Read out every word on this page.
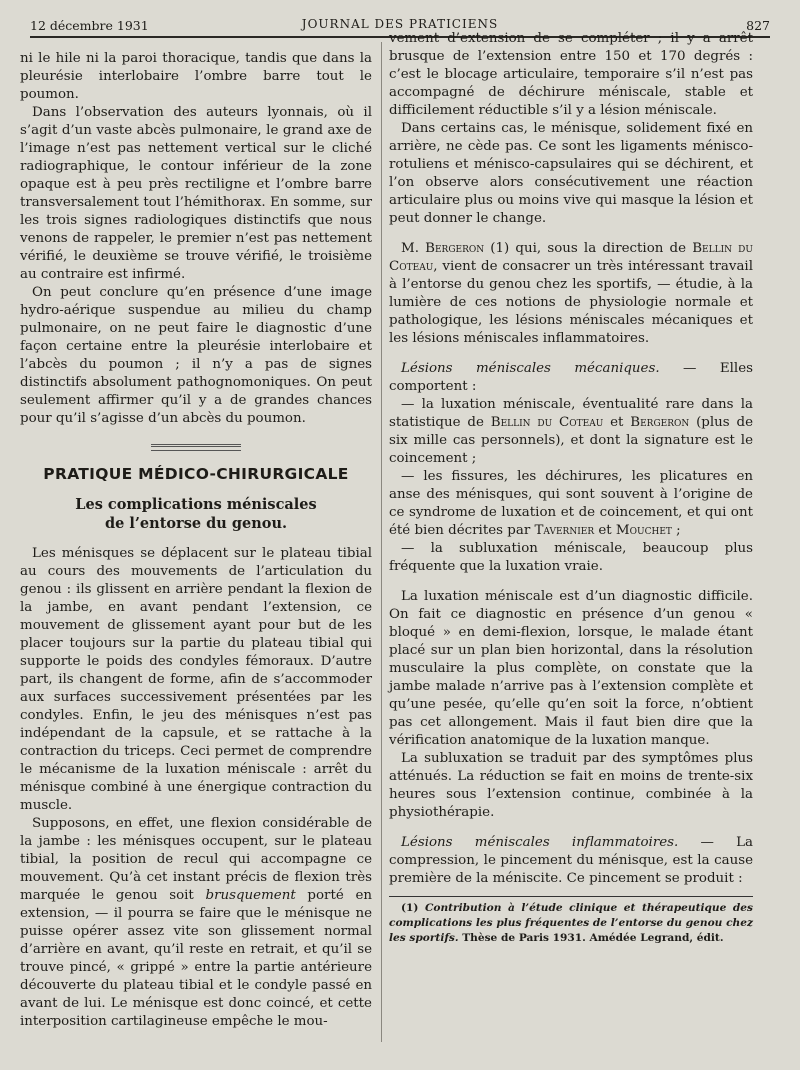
12 décembre 1931	JOURNAL DES PRATICIENS	827

ni le hile ni la paroi thoracique, tandis que dans la pleurésie interlobaire l’ombre barre tout le poumon.

Dans l’observation des auteurs lyonnais, où il s’agit d’un vaste abcès pulmonaire, le grand axe de l’image n’est pas nettement vertical sur le cliché radiographique, le contour inférieur de la zone opaque est à peu près rectiligne et l’ombre barre transversalement tout l’hémithorax. En somme, sur les trois signes radiologiques distinctifs que nous venons de rappeler, le premier n’est pas nettement vérifié, le deuxième se trouve vérifié, le troisième au contraire est infirmé.

On peut conclure qu’en présence d’une image hydro-aérique suspendue au milieu du champ pulmonaire, on ne peut faire le diagnostic d’une façon certaine entre la pleurésie interlobaire et l’abcès du poumon ; il n’y a pas de signes distinctifs absolument pathognomoniques. On peut seulement affirmer qu’il y a de grandes chances pour qu’il s’agisse d’un abcès du poumon.

PRATIQUE MÉDICO-CHIRURGICALE
Les complications méniscales
de l’entorse du genou.

Les ménisques se déplacent sur le plateau tibial au cours des mouvements de l’articulation du genou : ils glissent en arrière pendant la flexion de la jambe, en avant pendant l’extension, ce mouvement de glissement ayant pour but de les placer toujours sur la partie du plateau tibial qui supporte le poids des condyles fémoraux. D’autre part, ils changent de forme, afin de s’accommoder aux surfaces successivement présentées par les condyles. Enfin, le jeu des ménisques n’est pas indépendant de la capsule, et se rattache à la contraction du triceps. Ceci permet de comprendre le mécanisme de la luxation méniscale : arrêt du ménisque combiné à une énergique contraction du muscle.

Supposons, en effet, une flexion considérable de la jambe : les ménisques occupent, sur le plateau tibial, la position de recul qui accompagne ce mouvement. Qu’à cet instant précis de flexion très marquée le genou soit brusquement porté en extension, — il pourra se faire que le ménisque ne puisse opérer assez vite son glissement normal d’arrière en avant, qu’il reste en retrait, et qu’il se trouve pincé, « grippé » entre la partie antérieure découverte du plateau tibial et le condyle passé en avant de lui. Le ménisque est donc coincé, et cette interposition cartilagineuse empêche le mou-

vement d’extension de se compléter ; il y a arrêt brusque de l’extension entre 150 et 170 degrés : c’est le blocage articulaire, temporaire s’il n’est pas accompagné de déchirure méniscale, stable et difficilement réductible s’il y a lésion méniscale.

Dans certains cas, le ménisque, solidement fixé en arrière, ne cède pas. Ce sont les ligaments ménisco-rotuliens et ménisco-capsulaires qui se déchirent, et l’on observe alors consécutivement une réaction articulaire plus ou moins vive qui masque la lésion et peut donner le change.

M. Bergeron (1) qui, sous la direction de Bellin du Coteau, vient de consacrer un très intéressant travail à l’entorse du genou chez les sportifs, — étudie, à la lumière de ces notions de physiologie normale et pathologique, les lésions méniscales mécaniques et les lésions méniscales inflammatoires.

Lésions méniscales mécaniques. — Elles comportent :

— la luxation méniscale, éventualité rare dans la statistique de Bellin du Coteau et Bergeron (plus de six mille cas personnels), et dont la signature est le coincement ;

— les fissures, les déchirures, les plicatures en anse des ménisques, qui sont souvent à l’origine de ce syndrome de luxation et de coincement, et qui ont été bien décrites par Tavernier et Mouchet ;

— la subluxation méniscale, beaucoup plus fréquente que la luxation vraie.

La luxation méniscale est d’un diagnostic difficile. On fait ce diagnostic en présence d’un genou « bloqué » en demi-flexion, lorsque, le malade étant placé sur un plan bien horizontal, dans la résolution musculaire la plus complète, on constate que la jambe malade n’arrive pas à l’extension complète et qu’une pesée, qu’elle qu’en soit la force, n’obtient pas cet allongement. Mais il faut bien dire que la vérification anatomique de la luxation manque.

La subluxation se traduit par des symptômes plus atténués. La réduction se fait en moins de trente-six heures sous l’extension continue, combinée à la physiothérapie.

Lésions méniscales inflammatoires. — La compression, le pincement du ménisque, est la cause première de la méniscite. Ce pincement se produit :

(1) Contribution à l’étude clinique et thérapeutique des complications les plus fréquentes de l’entorse du genou chez les sportifs. Thèse de Paris 1931. Amédée Legrand, édit.
